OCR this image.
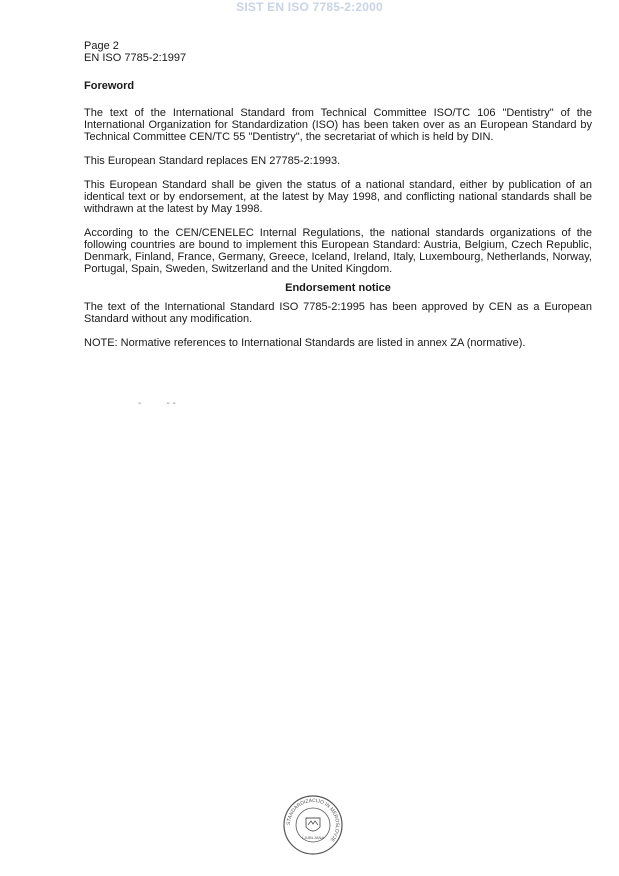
SIST EN ISO 7785-2:2000
Page 2
EN ISO 7785-2:1997
Foreword

The text of the International Standard from Technical Committee ISO/TC 106 "Dentistry" of the International Organization for Standardization (ISO) has been taken over as an European Standard by Technical Committee CEN/TC 55 "Dentistry", the secretariat of which is held by DIN.

This European Standard replaces EN 27785-2:1993.

This European Standard shall be given the status of a national standard, either by publication of an identical text or by endorsement, at the latest by May 1998, and conflicting national standards shall be withdrawn at the latest by May 1998.

According to the CEN/CENELEC Internal Regulations, the national standards organizations of the following countries are bound to implement this European Standard: Austria, Belgium, Czech Republic, Denmark, Finland, France, Germany, Greece, Iceland, Ireland, Italy, Luxembourg, Netherlands, Norway, Portugal, Spain, Sweden, Switzerland and the United Kingdom.

Endorsement notice

The text of the International Standard ISO 7785-2:1995 has been approved by CEN as a European Standard without any modification.

NOTE: Normative references to International Standards are listed in annex ZA (normative).

-         - -
STANDARDIZACIJO IN MEROSLOVJE
LJUBLJANA
